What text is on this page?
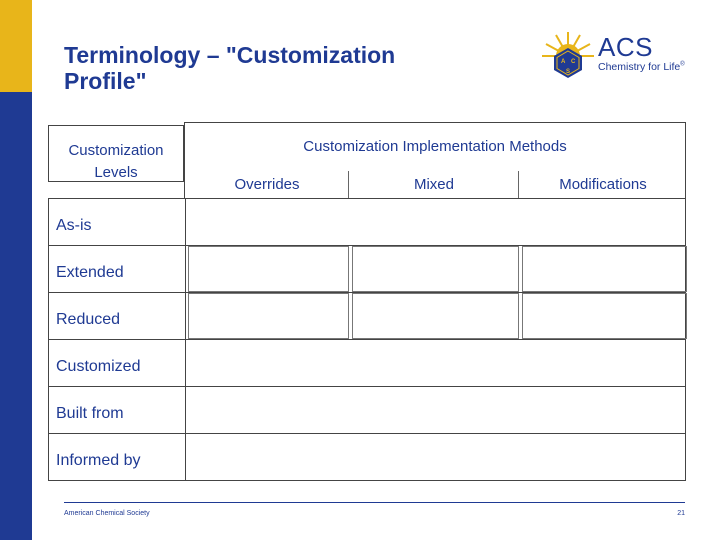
Terminology – "Customization
Profile"
A C
S
ACS
Chemistry for Life®
Customization
Levels
Customization Implementation Methods
Overrides	Mixed	Modifications
As-is
Extended
Reduced
Customized
Built from
Informed by
American Chemical Society	21
